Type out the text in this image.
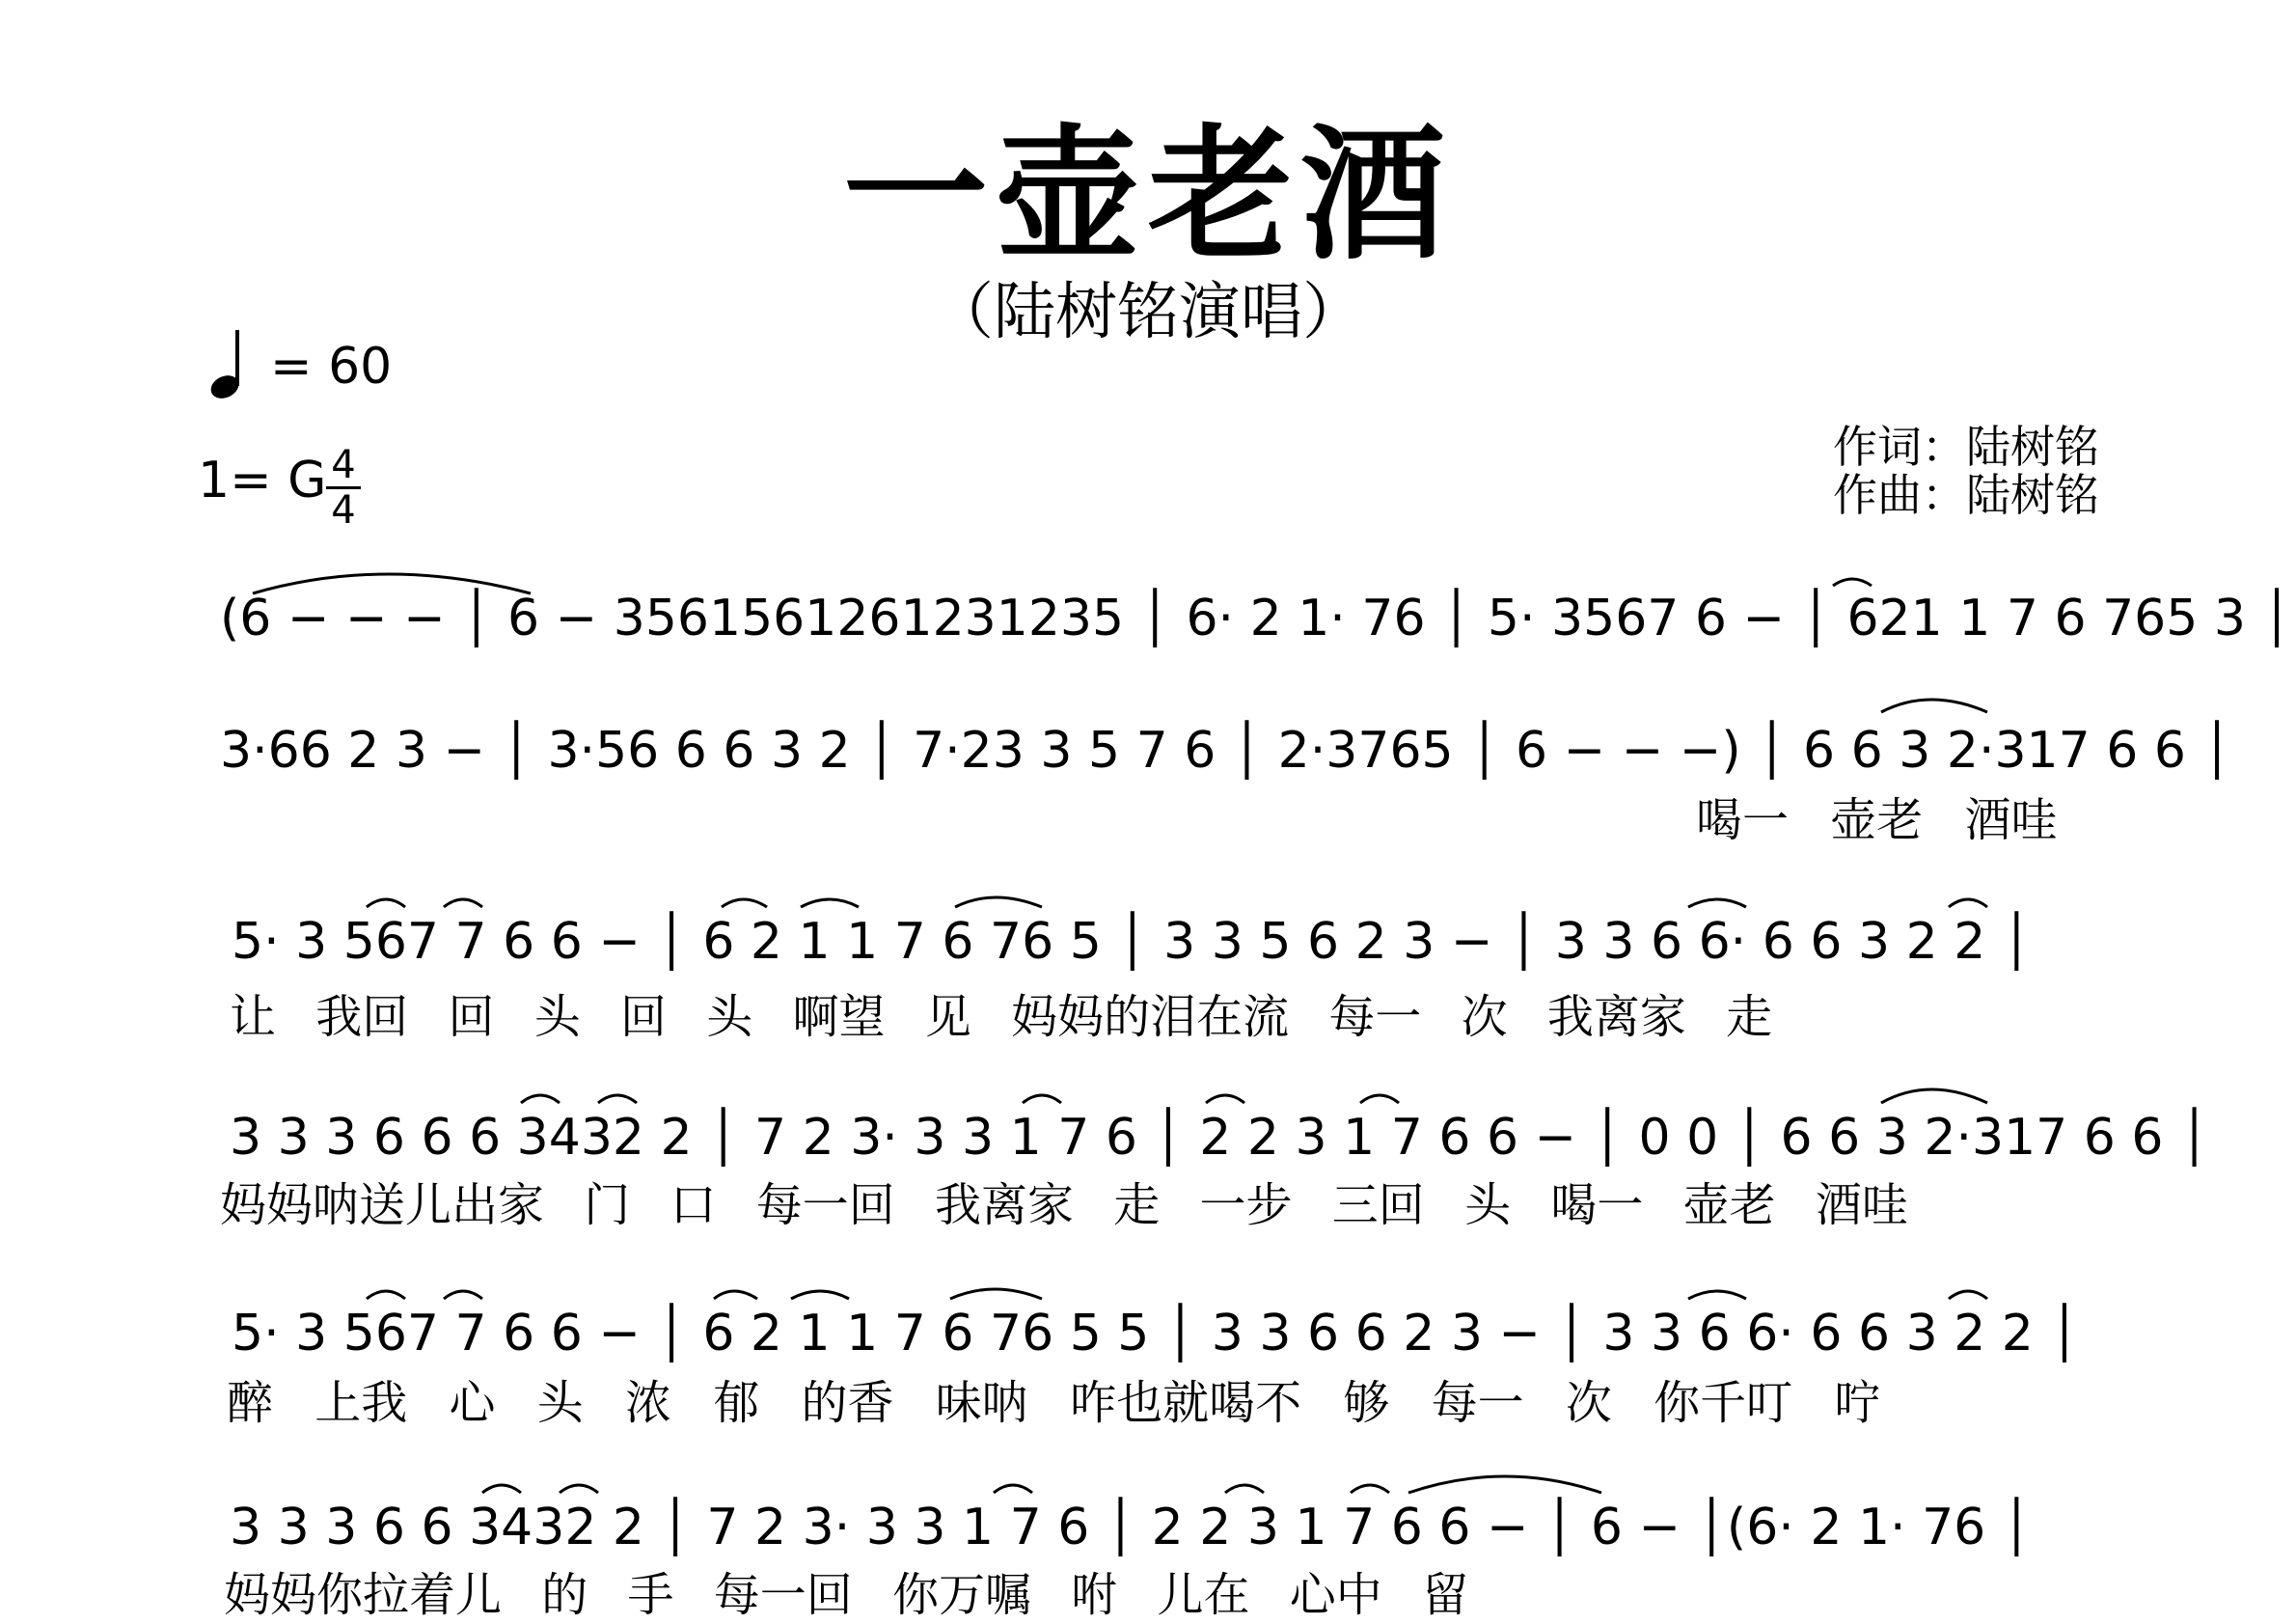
一壶老酒
（陆树铭演唱）
= 60
1= G 4
4
作词：陆树铭
作曲：陆树铭
(6 − − − │ 6 − 3561561261231235 │ 6· 2 1· 76 │ 5· 3567 6 − │ 621 1 7 6 765 3 │
3·66 2 3 − │ 3·56 6 6 3 2 │ 7·23 3 5 7 6 │ 2·3765 │ 6 − − −) │ 6 6 3 2·317 6 6 │
喝一 壶老 酒哇
5· 3 567 7 6 6 − │ 6 2 1 1 7 6 76 5 │ 3 3 5 6 2 3 − │ 3 3 6 6· 6 6 3 2 2 │
让 我回 回 头 回 头 啊望 见 妈妈的泪在流 每一 次 我离家 走
3 3 3 6 6 6 3432 2 │ 7 2 3· 3 3 1 7 6 │ 2 2 3 1 7 6 6 − │ 0 0 │ 6 6 3 2·317 6 6 │
妈妈呐送儿出家 门 口 每一回 我离家 走 一步 三回 头 喝一 壶老 酒哇
5· 3 567 7 6 6 − │ 6 2 1 1 7 6 76 5 5 │ 3 3 6 6 2 3 − │ 3 3 6 6· 6 6 3 2 2 │
醉 上我 心 头 浓 郁 的香 味呐 咋也就喝不 够 每一 次 你千叮 咛
3 3 3 6 6 3432 2 │ 7 2 3· 3 3 1 7 6 │ 2 2 3 1 7 6 6 − │ 6 − │(6· 2 1· 76 │
妈妈你拉着儿 的 手 每一回 你万嘱 咐 儿在 心中 留
